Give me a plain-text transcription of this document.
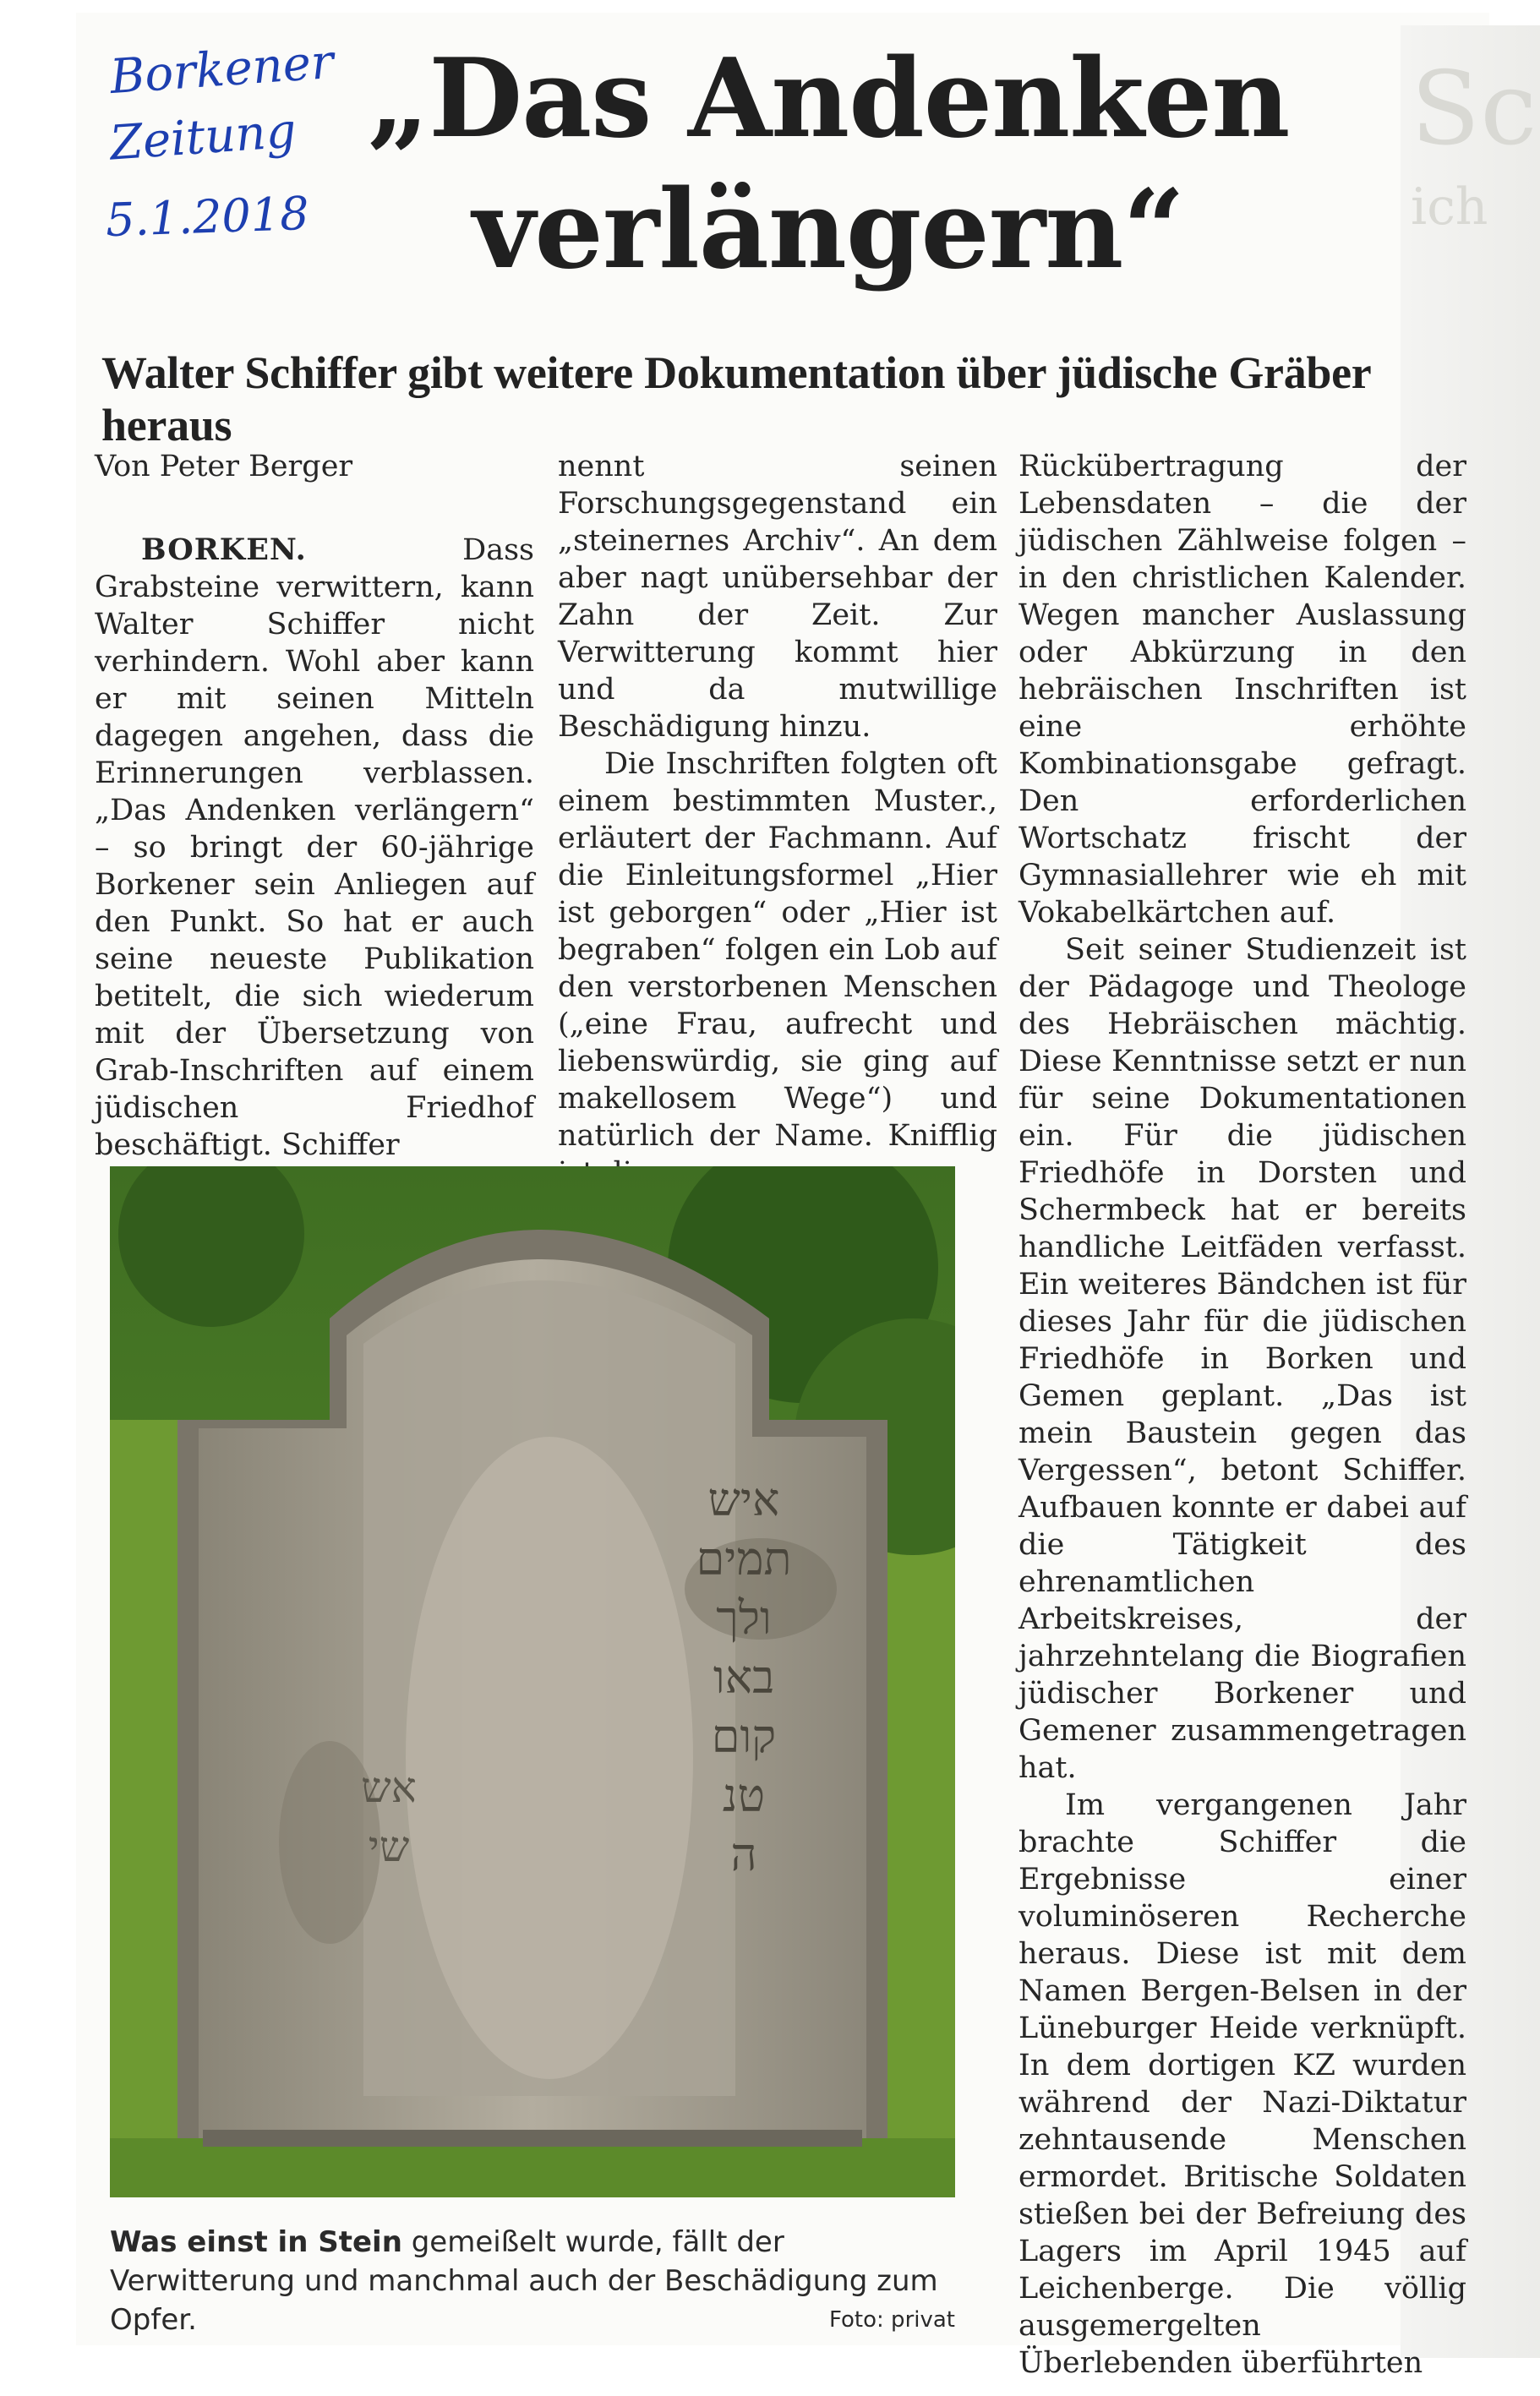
Sc
ich
Borkener
Zeitung
5.1.2018
„Das Andenken verlängern“
Walter Schiffer gibt weitere Dokumentation über jüdische Gräber heraus

Von Peter Berger

BORKEN.	Dass Grabsteine verwittern, kann Walter Schiffer nicht verhindern. Wohl aber kann er mit seinen Mitteln dagegen angehen, dass die Erinnerungen verblassen. „Das Andenken verlängern“ – so bringt der 60-jährige Borkener sein Anliegen auf den Punkt. So hat er auch seine neueste Publikation betitelt, die sich wiederum mit der Übersetzung von Grab-Inschriften auf einem jüdischen Friedhof beschäftigt. Schiffer

nennt seinen Forschungsgegenstand ein „steinernes Archiv“. An dem aber nagt unübersehbar der Zahn der Zeit. Zur Verwitterung kommt hier und da mutwillige Beschädigung hinzu.

Die Inschriften folgten oft einem bestimmten Muster., erläutert der Fachmann. Auf die Einleitungsformel „Hier ist geborgen“ oder „Hier ist begraben“ folgen ein Lob auf den verstorbenen Menschen („eine Frau, aufrecht und liebenswürdig, sie ging auf makellosem Wege“) und natürlich der Name. Knifflig

Rückübertragung der Lebensdaten – die der jüdischen Zählweise folgen – in den christlichen Kalender. Wegen mancher Auslassung oder Abkürzung in den hebräischen Inschriften ist eine erhöhte Kombinationsgabe gefragt. Den erforderlichen Wortschatz frischt der Gymnasiallehrer wie eh mit Vokabelkärtchen auf.

Seit seiner Studienzeit ist der Pädagoge und Theologe des Hebräischen mächtig. Diese Kenntnisse setzt er nun für seine Dokumentationen ein. Für die jüdischen Friedhöfe in Dorsten und Schermbeck hat er bereits handliche Leitfäden verfasst. Ein weiteres Bändchen ist für dieses Jahr für die jüdischen Friedhöfe in Borken und Gemen geplant. „Das ist mein Baustein gegen das Vergessen“, betont Schiffer. Aufbauen konnte er dabei auf die Tätigkeit des ehrenamtlichen Arbeitskreises, der jahrzehntelang die Biografien jüdischer Borkener und Gemener zusammengetragen hat.

Im vergangenen Jahr brachte Schiffer die Ergebnisse einer voluminöseren Recherche heraus. Diese ist mit dem Namen Bergen-Belsen in der Lüneburger Heide verknüpft. In dem dortigen KZ wurden während der Nazi-Diktatur zehntausende Menschen ermordet. Britische Soldaten stießen bei der Befreiung des Lagers im April 1945 auf Leichenberge. Die völlig ausgemergelten Überlebenden überführten

איש
תמים
ולך
באו
קום
טנ
ה
אש
שי
Was einst in Stein gemeißelt wurde, fällt der Verwitterung und manchmal auch der Beschädigung zum Opfer.	Foto: privat
